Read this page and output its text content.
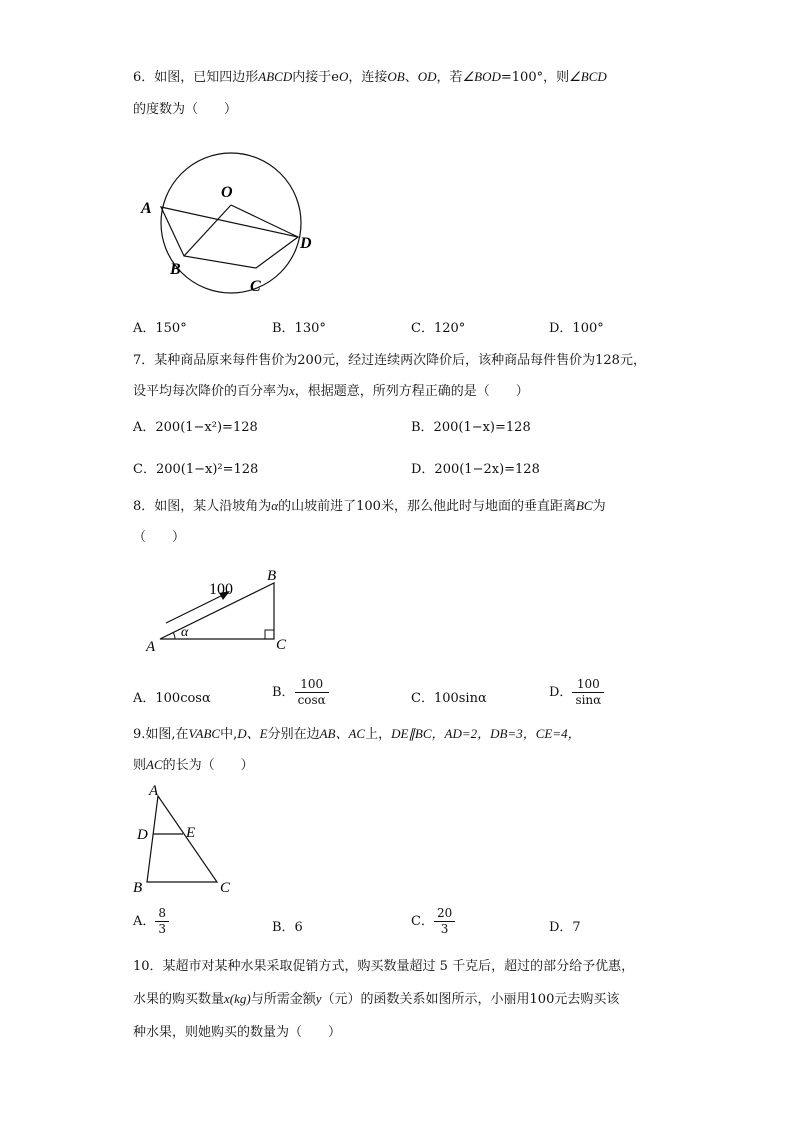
6．如图，已知四边形ABCD内接于eO，连接OB、OD，若∠BOD=100°，则∠BCD
的度数为（　　）
O
A
B
C
D
A．150°	B．130°	C．120°	D．100°
7．某种商品原来每件售价为200元，经过连续两次降价后，该种商品每件售价为128元，
设平均每次降价的百分率为x，根据题意，所列方程正确的是（　　）
A．200(1−x²)=128	B．200(1−x)=128
C．200(1−x)²=128	D．200(1−2x)=128
8．如图，某人沿坡角为α的山坡前进了100米，那么他此时与地面的垂直距离BC为
（　　）
100
B
A	C
α
A．100cosα	B． $\frac{100}{\cos\alpha}$	C．100sinα	D． $\frac{100}{\sin\alpha}$
9.如图,在VABC中,D、E分别在边AB、AC上，DE∥BC，AD=2，DB=3，CE=4，
则AC的长为（　　）
A
D	E
B	C
A． $\frac{8}{3}$	B．6	C． $\frac{20}{3}$	D．7
10．某超市对某种水果采取促销方式，购买数量超过 5 千克后，超过的部分给予优惠，
水果的购买数量x(kg)与所需金额y（元）的函数关系如图所示，小丽用100元去购买该
种水果，则她购买的数量为（　　）
